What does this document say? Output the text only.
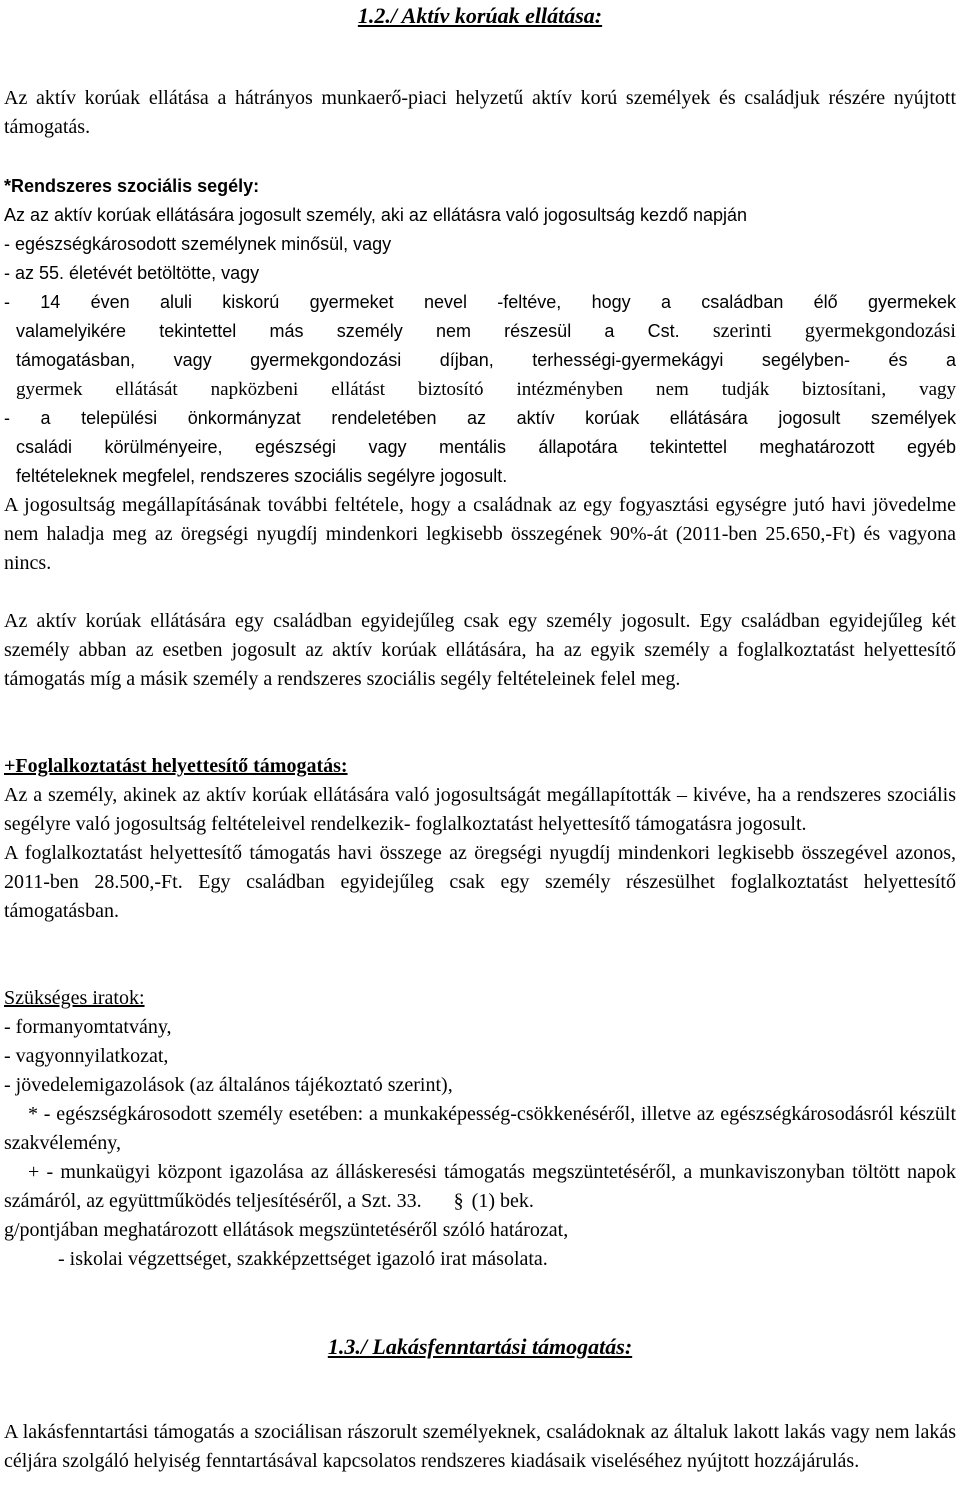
1.2./ Aktív korúak ellátása:

Az aktív korúak ellátása a hátrányos munkaerő-piaci helyzetű aktív korú személyek és családjuk részére nyújtott támogatás.

*Rendszeres szociális segély:
Az az aktív korúak ellátására jogosult személy, aki az ellátásra való jogosultság kezdő napján
- egészségkárosodott személynek minősül, vagy
- az 55. életévét betöltötte, vagy
- 14 éven aluli kiskorú gyermeket nevel -feltéve, hogy a családban élő gyermekek
valamelyikére tekintettel más személy nem részesül a Cst. szerinti gyermekgondozási
támogatásban, vagy gyermekgondozási díjban, terhességi-gyermekágyi segélyben- és a
gyermek ellátását napközbeni ellátást biztosító intézményben nem tudják biztosítani, vagy
- a települési önkormányzat rendeletében az aktív korúak ellátására jogosult személyek
családi körülményeire, egészségi vagy mentális állapotára tekintettel meghatározott egyéb
feltételeknek megfelel, rendszeres szociális segélyre jogosult.

A jogosultság megállapításának további feltétele, hogy a családnak az egy fogyasztási egységre jutó havi jövedelme nem haladja meg az öregségi nyugdíj mindenkori legkisebb összegének 90%-át (2011-ben 25.650,-Ft) és vagyona nincs.

Az aktív korúak ellátására egy családban egyidejűleg csak egy személy jogosult. Egy családban egyidejűleg két személy abban az esetben jogosult az aktív korúak ellátására, ha az egyik személy a foglalkoztatást helyettesítő támogatás míg a másik személy a rendszeres szociális segély feltételeinek felel meg.

+Foglalkoztatást helyettesítő támogatás:

Az a személy, akinek az aktív korúak ellátására való jogosultságát megállapították – kivéve, ha a rendszeres szociális segélyre való jogosultság feltételeivel rendelkezik- foglalkoztatást helyettesítő támogatásra jogosult.

A foglalkoztatást helyettesítő támogatás havi összege az öregségi nyugdíj mindenkori legkisebb összegével azonos, 2011-ben 28.500,-Ft. Egy családban egyidejűleg csak egy személy részesülhet foglalkoztatást helyettesítő támogatásban.

Szükséges iratok:
- formanyomtatvány,
- vagyonnyilatkozat,
- jövedelemigazolások (az általános tájékoztató szerint),

* - egészségkárosodott személy esetében: a munkaképesség-csökkenéséről, illetve az egészségkárosodásról készült szakvélemény,

+ - munkaügyi központ igazolása az álláskeresési támogatás megszüntetéséről, a munkaviszonyban töltött napok számáról, az együttműködés teljesítéséről, a Szt. 33. § (1) bek.

g/pontjában meghatározott ellátások megszüntetéséről szóló határozat,
- iskolai végzettséget, szakképzettséget igazoló irat másolata.
1.3./ Lakásfenntartási támogatás:

A lakásfenntartási támogatás a szociálisan rászorult személyeknek, családoknak az általuk lakott lakás vagy nem lakás céljára szolgáló helyiség fenntartásával kapcsolatos rendszeres kiadásaik viseléséhez nyújtott hozzájárulás.
